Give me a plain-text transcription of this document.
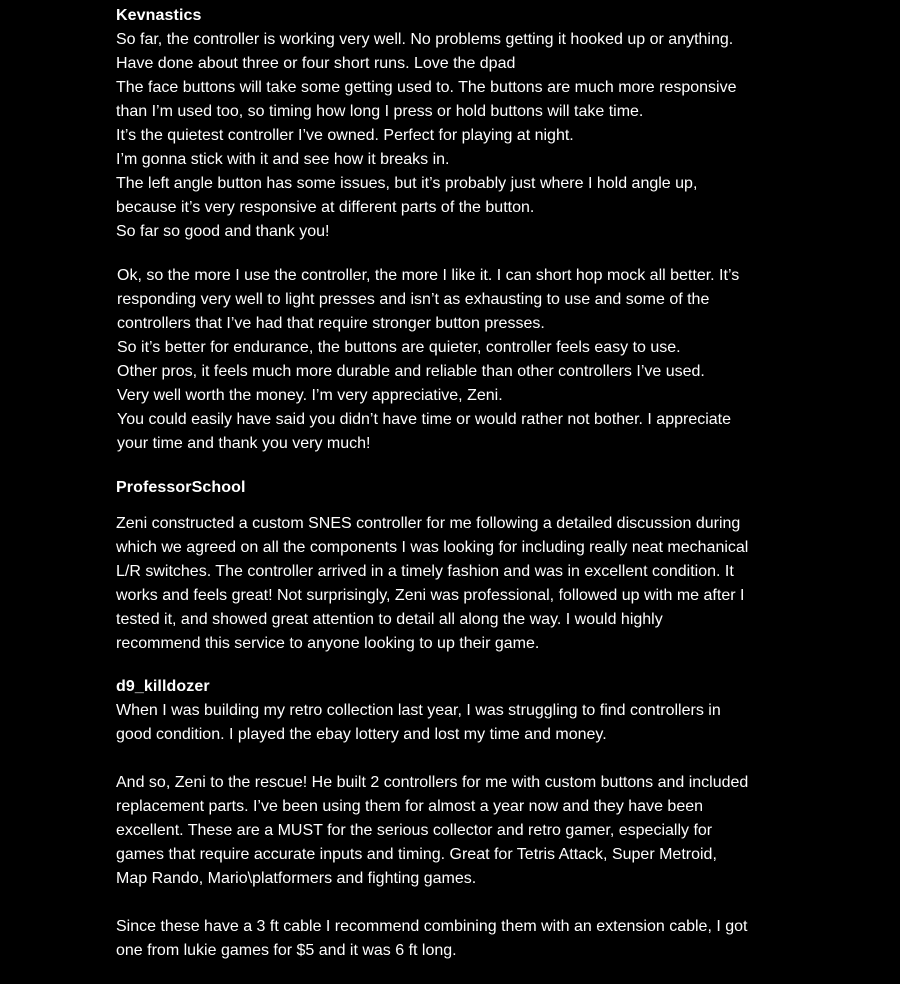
Kevnastics

So far, the controller is working very well. No problems getting it hooked up or anything.
Have done about three or four short runs. Love the dpad
The face buttons will take some getting used to. The buttons are much more responsive
than I’m used too, so timing how long I press or hold buttons will take time.
It’s the quietest controller I’ve owned. Perfect for playing at night.
I’m gonna stick with it and see how it breaks in.
The left angle button has some issues, but it’s probably just where I hold angle up,
because it’s very responsive at different parts of the button.
So far so good and thank you!
Ok, so the more I use the controller, the more I like it. I can short hop mock all better. It’s
responding very well to light presses and isn’t as exhausting to use and some of the
controllers that I’ve had that require stronger button presses.
So it’s better for endurance, the buttons are quieter, controller feels easy to use.
Other pros, it feels much more durable and reliable than other controllers I’ve used.
Very well worth the money. I’m very appreciative, Zeni.
You could easily have said you didn’t have time or would rather not bother. I appreciate
your time and thank you very much!

ProfessorSchool

Zeni constructed a custom SNES controller for me following a detailed discussion during
which we agreed on all the components I was looking for including really neat mechanical
L/R switches. The controller arrived in a timely fashion and was in excellent condition. It
works and feels great! Not surprisingly, Zeni was professional, followed up with me after I
tested it, and showed great attention to detail all along the way. I would highly
recommend this service to anyone looking to up their game.

d9_killdozer

When I was building my retro collection last year, I was struggling to find controllers in
good condition. I played the ebay lottery and lost my time and money.
And so, Zeni to the rescue! He built 2 controllers for me with custom buttons and included
replacement parts. I’ve been using them for almost a year now and they have been
excellent. These are a MUST for the serious collector and retro gamer, especially for
games that require accurate inputs and timing. Great for Tetris Attack, Super Metroid,
Map Rando, Mario\platformers and fighting games.
Since these have a 3 ft cable I recommend combining them with an extension cable, I got
one from lukie games for $5 and it was 6 ft long.
